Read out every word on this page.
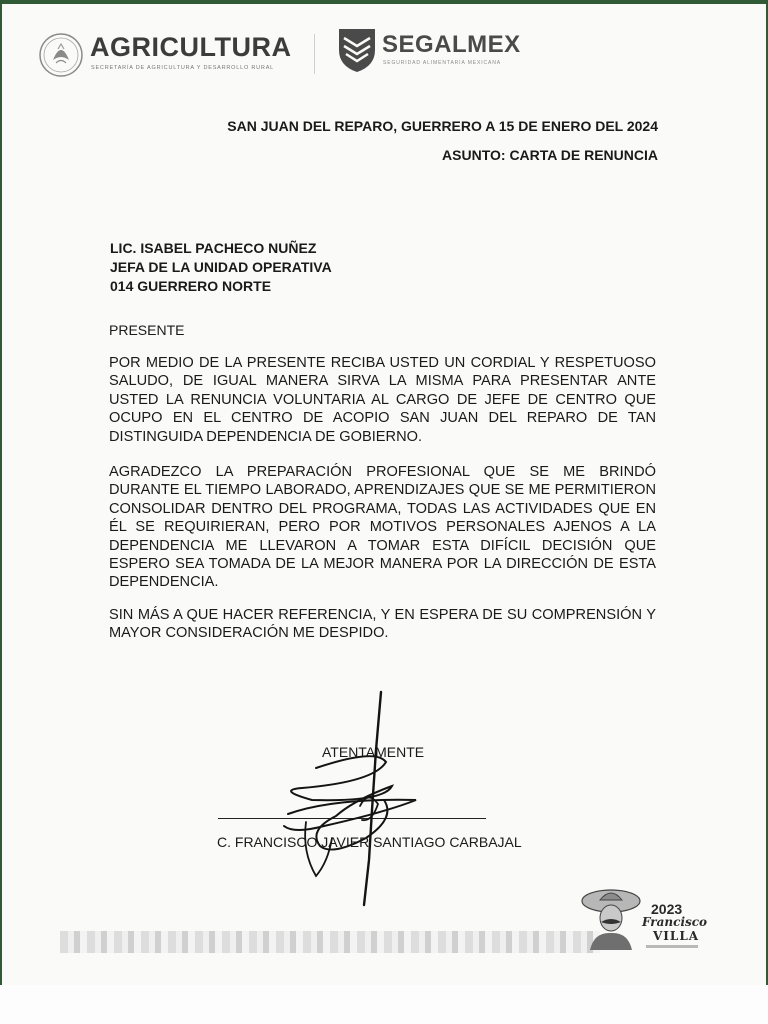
AGRICULTURA
SECRETARÍA DE AGRICULTURA Y DESARROLLO RURAL
SEGALMEX
SEGURIDAD ALIMENTARIA MEXICANA
SAN JUAN DEL REPARO, GUERRERO A 15 DE ENERO DEL 2024
ASUNTO: CARTA DE RENUNCIA
LIC. ISABEL PACHECO NUÑEZ
JEFA DE LA UNIDAD OPERATIVA
014 GUERRERO NORTE
PRESENTE
POR MEDIO DE LA PRESENTE RECIBA USTED UN CORDIAL Y RESPETUOSO SALUDO, DE IGUAL MANERA SIRVA LA MISMA PARA PRESENTAR ANTE USTED LA RENUNCIA VOLUNTARIA AL CARGO DE JEFE DE CENTRO QUE OCUPO EN EL CENTRO DE ACOPIO SAN JUAN DEL REPARO DE TAN DISTINGUIDA DEPENDENCIA DE GOBIERNO.
AGRADEZCO LA PREPARACIÓN PROFESIONAL QUE SE ME BRINDÓ DURANTE EL TIEMPO LABORADO, APRENDIZAJES QUE SE ME PERMITIERON CONSOLIDAR DENTRO DEL PROGRAMA, TODAS LAS ACTIVIDADES QUE EN ÉL SE REQUIRIERAN, PERO POR MOTIVOS PERSONALES AJENOS A LA DEPENDENCIA ME LLEVARON A TOMAR ESTA DIFÍCIL DECISIÓN QUE ESPERO SEA TOMADA DE LA MEJOR MANERA POR LA DIRECCIÓN DE ESTA DEPENDENCIA.
SIN MÁS A QUE HACER REFERENCIA, Y EN ESPERA DE SU COMPRENSIÓN Y MAYOR CONSIDERACIÓN ME DESPIDO.
ATENTAMENTE
C. FRANCISCO JAVIER SANTIAGO CARBAJAL
2023
Francisco
VILLA
